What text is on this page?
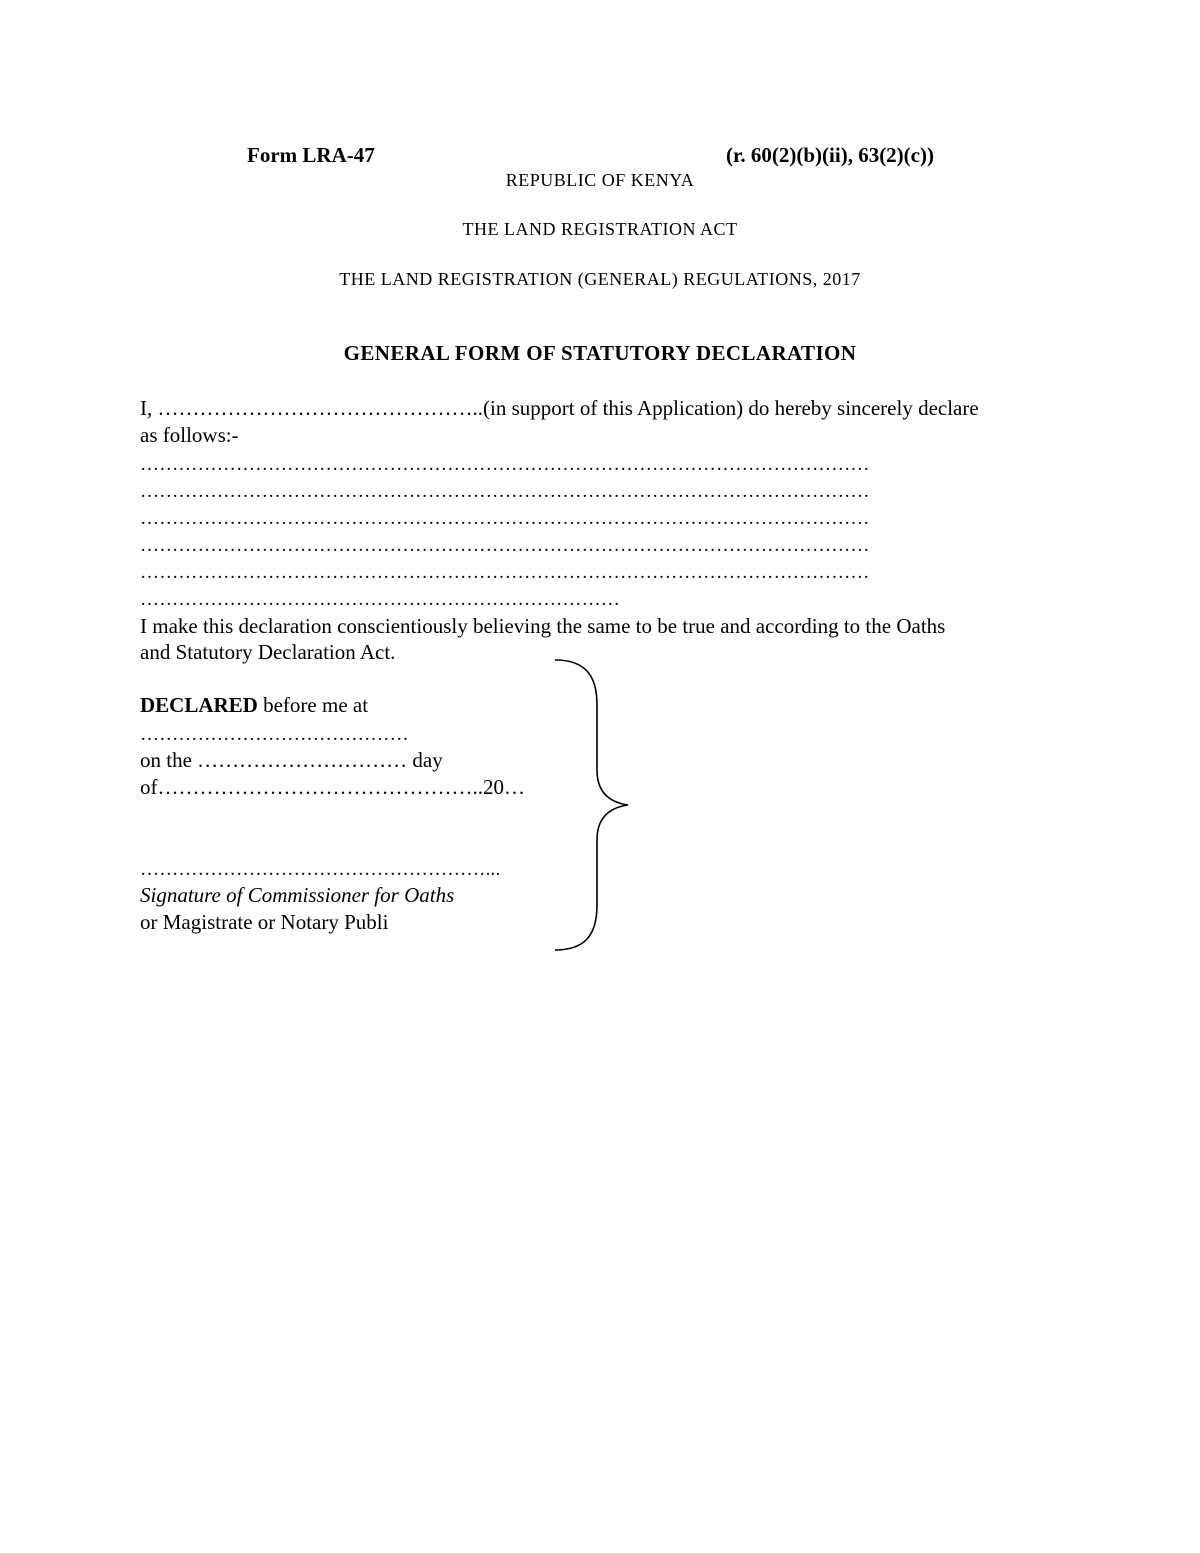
Form LRA-47	(r. 60(2)(b)(ii), 63(2)(c))
REPUBLIC OF KENYA
THE LAND REGISTRATION ACT
THE LAND REGISTRATION (GENERAL) REGULATIONS, 2017
GENERAL FORM OF STATUTORY DECLARATION
I, ………………………………………..(in support of this Application) do hereby sincerely declare
as follows:-
……………………………………………………………………………………………………
……………………………………………………………………………………………………
……………………………………………………………………………………………………
……………………………………………………………………………………………………
……………………………………………………………………………………………………
…………………………………………………………………
I make this declaration conscientiously believing the same to be true and according to the Oaths
and Statutory Declaration Act.
DECLARED before me at
……………………………………
on the ………………………… day
of………………………………………..20…
………………………………………………...
Signature of Commissioner for Oaths
or Magistrate or Notary Publi
